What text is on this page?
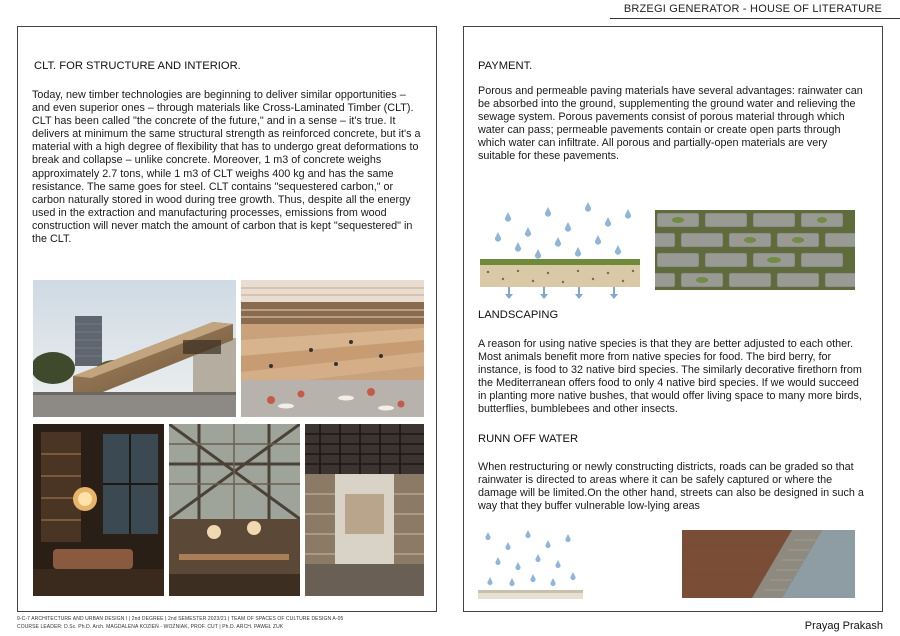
BRZEGI GENERATOR - HOUSE OF LITERATURE
CLT. FOR STRUCTURE AND INTERIOR.

Today, new timber technologies are beginning to deliver similar opportunities – and even superior ones – through materials like Cross-Laminated Timber (CLT). CLT has been called "the concrete of the future," and in a sense – it's true. It delivers at minimum the same structural strength as reinforced concrete, but it's a material with a high degree of flexibility that has to undergo great deformations to break and collapse – unlike concrete. Moreover, 1 m3 of concrete weighs approximately 2.7 tons, while 1 m3 of CLT weighs 400 kg and has the same resistance. The same goes for steel. CLT contains "sequestered carbon," or carbon naturally stored in wood during tree growth. Thus, despite all the energy used in the extraction and manufacturing processes, emissions from wood construction will never match the amount of carbon that is kept "sequestered" in the CLT.

PAYMENT.

Porous and permeable paving materials have several advantages: rainwater can be absorbed into the ground, supplementing the ground water and relieving the sewage system. Porous pavements consist of porous material through which water can pass; permeable pavements contain or create open parts through which water can infiltrate. All porous and partially-open materials are very suitable for these pavements.

LANDSCAPING

A reason for using native species is that they are better adjusted to each other. Most animals benefit more from native species for food. The bird berry, for instance, is food to 32 native bird species. The similarly decorative firethorn from the Mediterranean offers food to only 4 native bird species. If we would succeed in planting more native bushes, that would offer living space to many more birds, butterflies, bumblebees and other insects.

RUNN OFF WATER

When restructuring or newly constructing districts, roads can be graded so that rainwater is directed to areas where it can be safely captured or where the damage will be limited.On the other hand, streets can also be designed in such a way that they buffer vulnerable low-lying areas

9-C-7 ARCHITECTURE AND URBAN DESIGN I | 2nd DEGREE | 2nd SEMESTER 2023/21 | TEAM OF SPACES OF CULTURE DESIGN A-05
COURSE LEADER: D.Sc. Ph.D. Arch. MAGDALENA KOZIEŃ - WOŹNIAK, PROF. CUT | Ph.D. ARCH. PAWEŁ ZUK	Prayag Prakash
